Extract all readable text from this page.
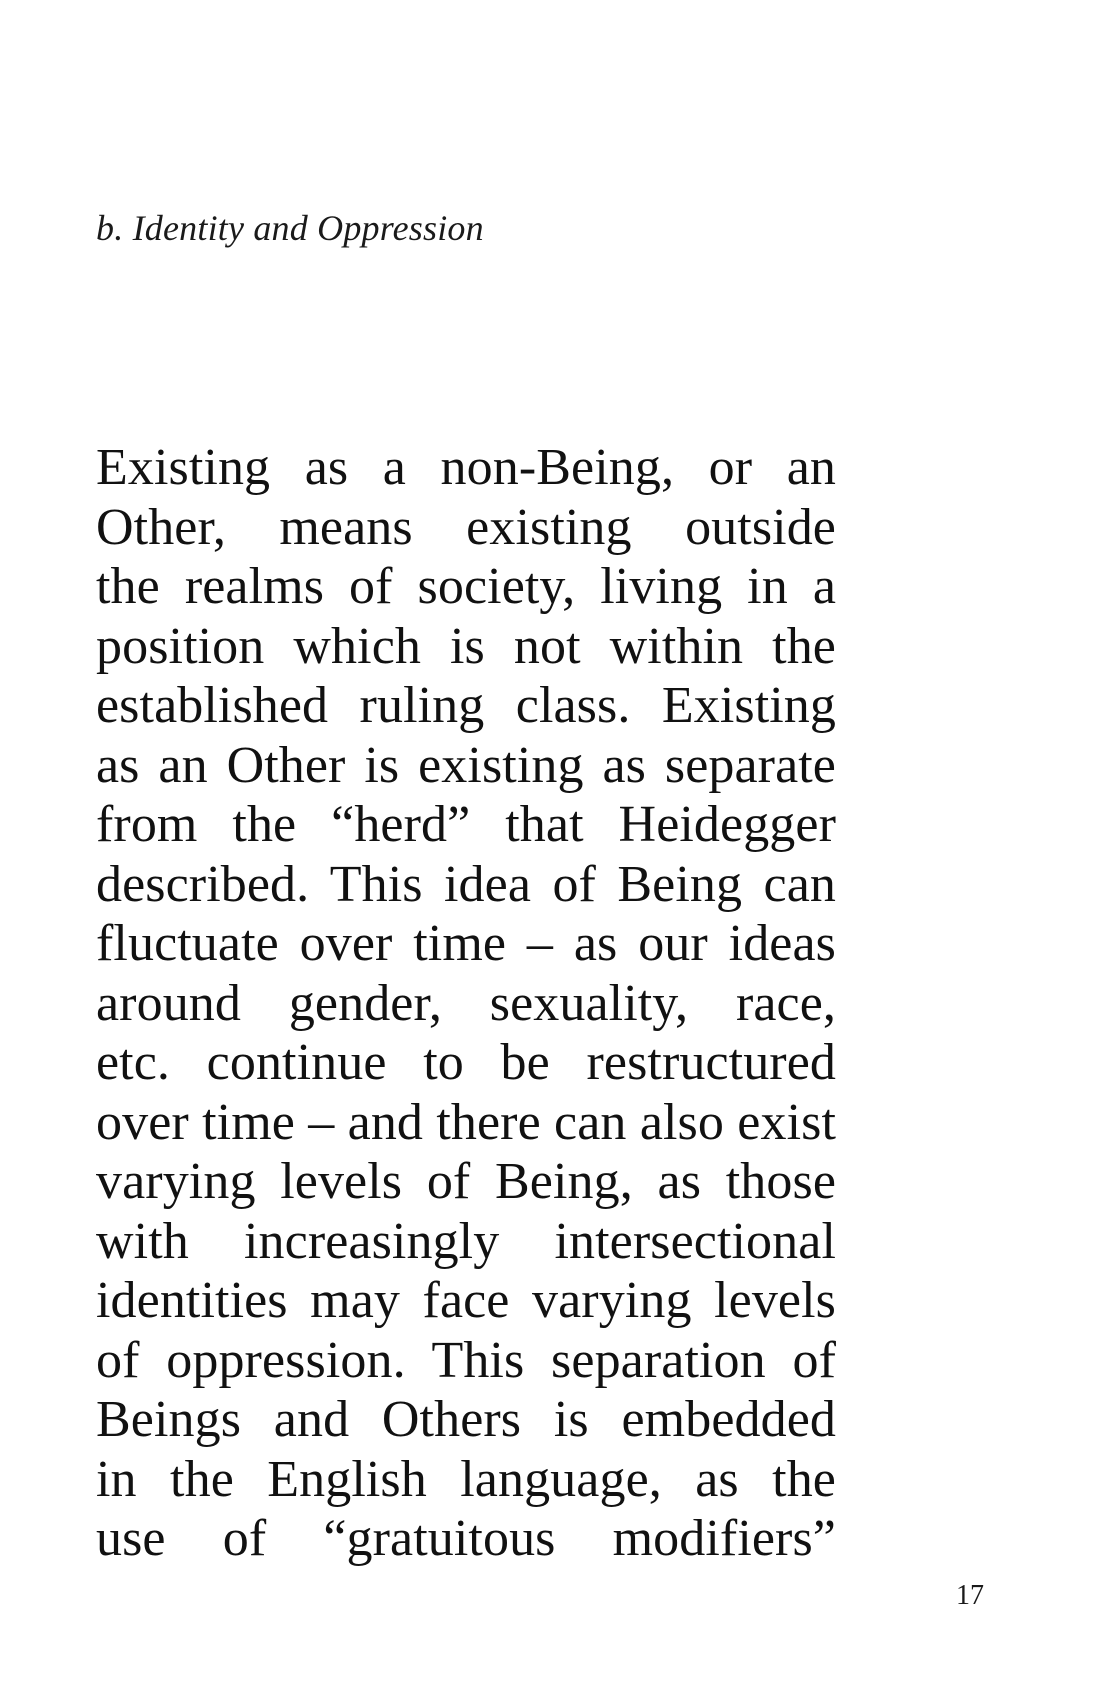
b. Identity and Oppression
Existing as a non-Being, or an
Other, means existing outside
the realms of society, living in a
position which is not within the
established ruling class. Existing
as an Other is existing as separate
from the “herd” that Heidegger
described. This idea of Being can
fluctuate over time – as our ideas
around gender, sexuality, race,
etc. continue to be restructured
over time – and there can also exist
varying levels of Being, as those
with increasingly intersectional
identities may face varying levels
of oppression. This separation of
Beings and Others is embedded
in the English language, as the
use of “gratuitous modifiers”

17
